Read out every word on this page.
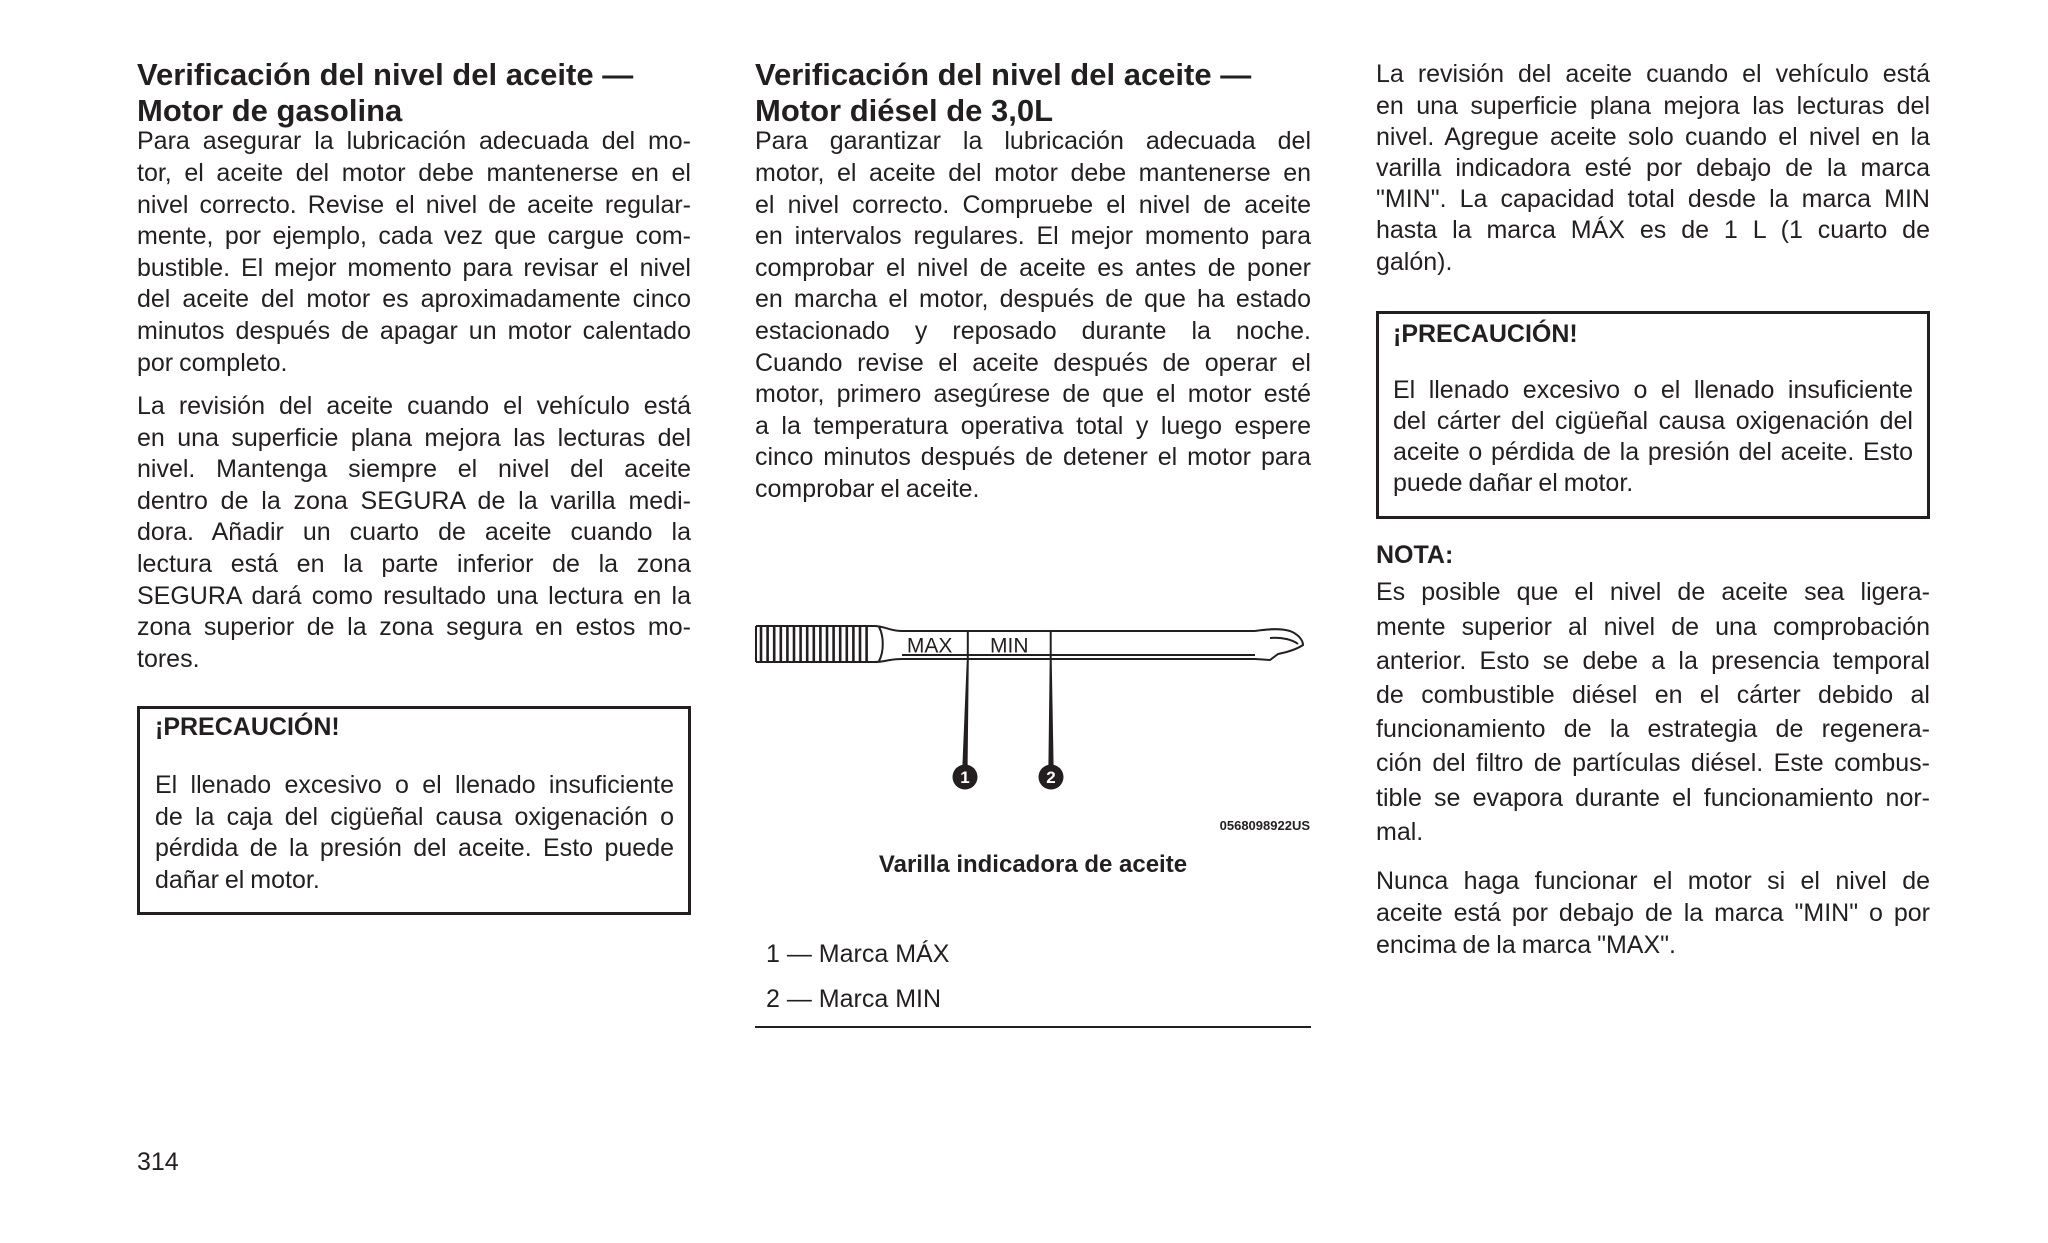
Verificación del nivel del aceite —
Motor de gasolina
Para asegurar la lubricación adecuada del mo-
tor, el aceite del motor debe mantenerse en el
nivel correcto. Revise el nivel de aceite regular-
mente, por ejemplo, cada vez que cargue com-
bustible. El mejor momento para revisar el nivel
del aceite del motor es aproximadamente cinco
minutos después de apagar un motor calentado
por completo.
La revisión del aceite cuando el vehículo está
en una superficie plana mejora las lecturas del
nivel. Mantenga siempre el nivel del aceite
dentro de la zona SEGURA de la varilla medi-
dora. Añadir un cuarto de aceite cuando la
lectura está en la parte inferior de la zona
SEGURA dará como resultado una lectura en la
zona superior de la zona segura en estos mo-
tores.
¡PRECAUCIÓN!
El llenado excesivo o el llenado insuficiente
de la caja del cigüeñal causa oxigenación o
pérdida de la presión del aceite. Esto puede
dañar el motor.
Verificación del nivel del aceite —
Motor diésel de 3,0L
Para garantizar la lubricación adecuada del
motor, el aceite del motor debe mantenerse en
el nivel correcto. Compruebe el nivel de aceite
en intervalos regulares. El mejor momento para
comprobar el nivel de aceite es antes de poner
en marcha el motor, después de que ha estado
estacionado y reposado durante la noche.
Cuando revise el aceite después de operar el
motor, primero asegúrese de que el motor esté
a la temperatura operativa total y luego espere
cinco minutos después de detener el motor para
comprobar el aceite.
MAX MIN
1	2
0568098922US
Varilla indicadora de aceite
1 — Marca MÁX
2 — Marca MIN
La revisión del aceite cuando el vehículo está
en una superficie plana mejora las lecturas del
nivel. Agregue aceite solo cuando el nivel en la
varilla indicadora esté por debajo de la marca
"MIN". La capacidad total desde la marca MIN
hasta la marca MÁX es de 1 L (1 cuarto de
galón).
¡PRECAUCIÓN!
El llenado excesivo o el llenado insuficiente
del cárter del cigüeñal causa oxigenación del
aceite o pérdida de la presión del aceite. Esto
puede dañar el motor.
NOTA:
Es posible que el nivel de aceite sea ligera-
mente superior al nivel de una comprobación
anterior. Esto se debe a la presencia temporal
de combustible diésel en el cárter debido al
funcionamiento de la estrategia de regenera-
ción del filtro de partículas diésel. Este combus-
tible se evapora durante el funcionamiento nor-
mal.
Nunca haga funcionar el motor si el nivel de
aceite está por debajo de la marca "MIN" o por
encima de la marca "MAX".
314
